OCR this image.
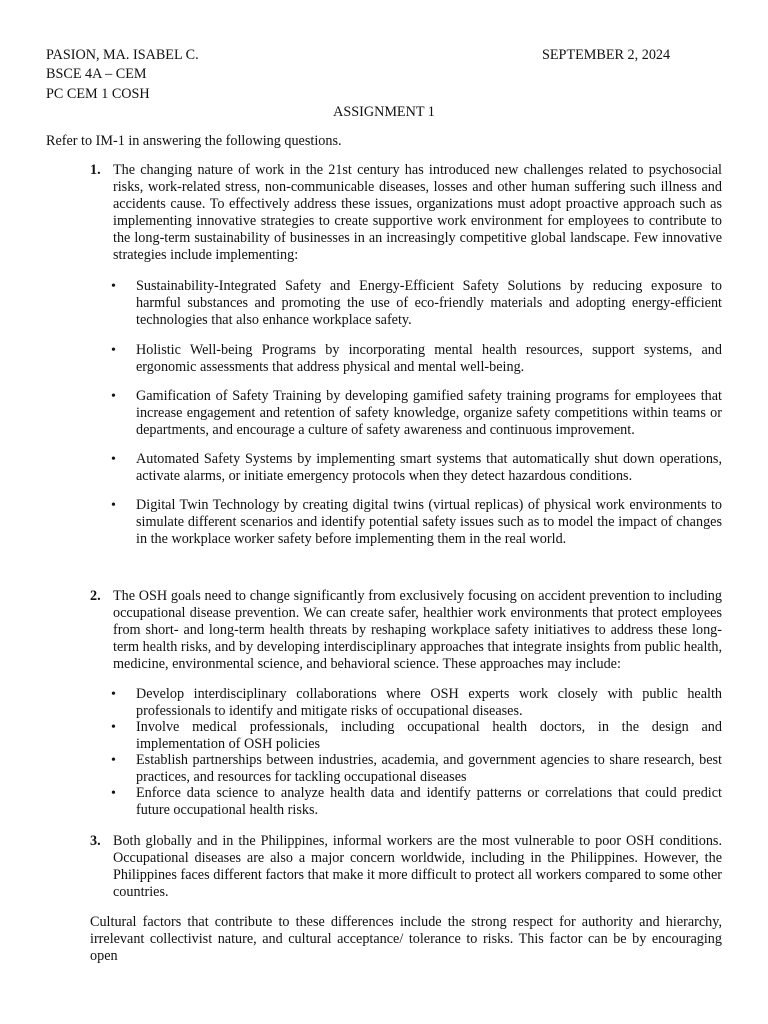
PASION, MA. ISABEL C.
BSCE 4A – CEM
PC CEM 1 COSH
SEPTEMBER 2, 2024
ASSIGNMENT 1
Refer to IM-1 in answering the following questions.
1. The changing nature of work in the 21st century has introduced new challenges related to psychosocial risks, work-related stress, non-communicable diseases, losses and other human suffering such illness and accidents cause. To effectively address these issues, organizations must adopt proactive approach such as implementing innovative strategies to create supportive work environment for employees to contribute to the long-term sustainability of businesses in an increasingly competitive global landscape. Few innovative strategies include implementing:
• Sustainability-Integrated Safety and Energy-Efficient Safety Solutions by reducing exposure to harmful substances and promoting the use of eco-friendly materials and adopting energy-efficient technologies that also enhance workplace safety.
• Holistic Well-being Programs by incorporating mental health resources, support systems, and ergonomic assessments that address physical and mental well-being.
• Gamification of Safety Training by developing gamified safety training programs for employees that increase engagement and retention of safety knowledge, organize safety competitions within teams or departments, and encourage a culture of safety awareness and continuous improvement.
• Automated Safety Systems by implementing smart systems that automatically shut down operations, activate alarms, or initiate emergency protocols when they detect hazardous conditions.
• Digital Twin Technology by creating digital twins (virtual replicas) of physical work environments to simulate different scenarios and identify potential safety issues such as to model the impact of changes in the workplace worker safety before implementing them in the real world.
2. The OSH goals need to change significantly from exclusively focusing on accident prevention to including occupational disease prevention. We can create safer, healthier work environments that protect employees from short- and long-term health threats by reshaping workplace safety initiatives to address these long-term health risks, and by developing interdisciplinary approaches that integrate insights from public health, medicine, environmental science, and behavioral science. These approaches may include:
• Develop interdisciplinary collaborations where OSH experts work closely with public health professionals to identify and mitigate risks of occupational diseases.
• Involve medical professionals, including occupational health doctors, in the design and implementation of OSH policies
• Establish partnerships between industries, academia, and government agencies to share research, best practices, and resources for tackling occupational diseases
• Enforce data science to analyze health data and identify patterns or correlations that could predict future occupational health risks.
3. Both globally and in the Philippines, informal workers are the most vulnerable to poor OSH conditions. Occupational diseases are also a major concern worldwide, including in the Philippines. However, the Philippines faces different factors that make it more difficult to protect all workers compared to some other countries.
Cultural factors that contribute to these differences include the strong respect for authority and hierarchy, irrelevant collectivist nature, and cultural acceptance/ tolerance to risks. This factor can be by encouraging open
